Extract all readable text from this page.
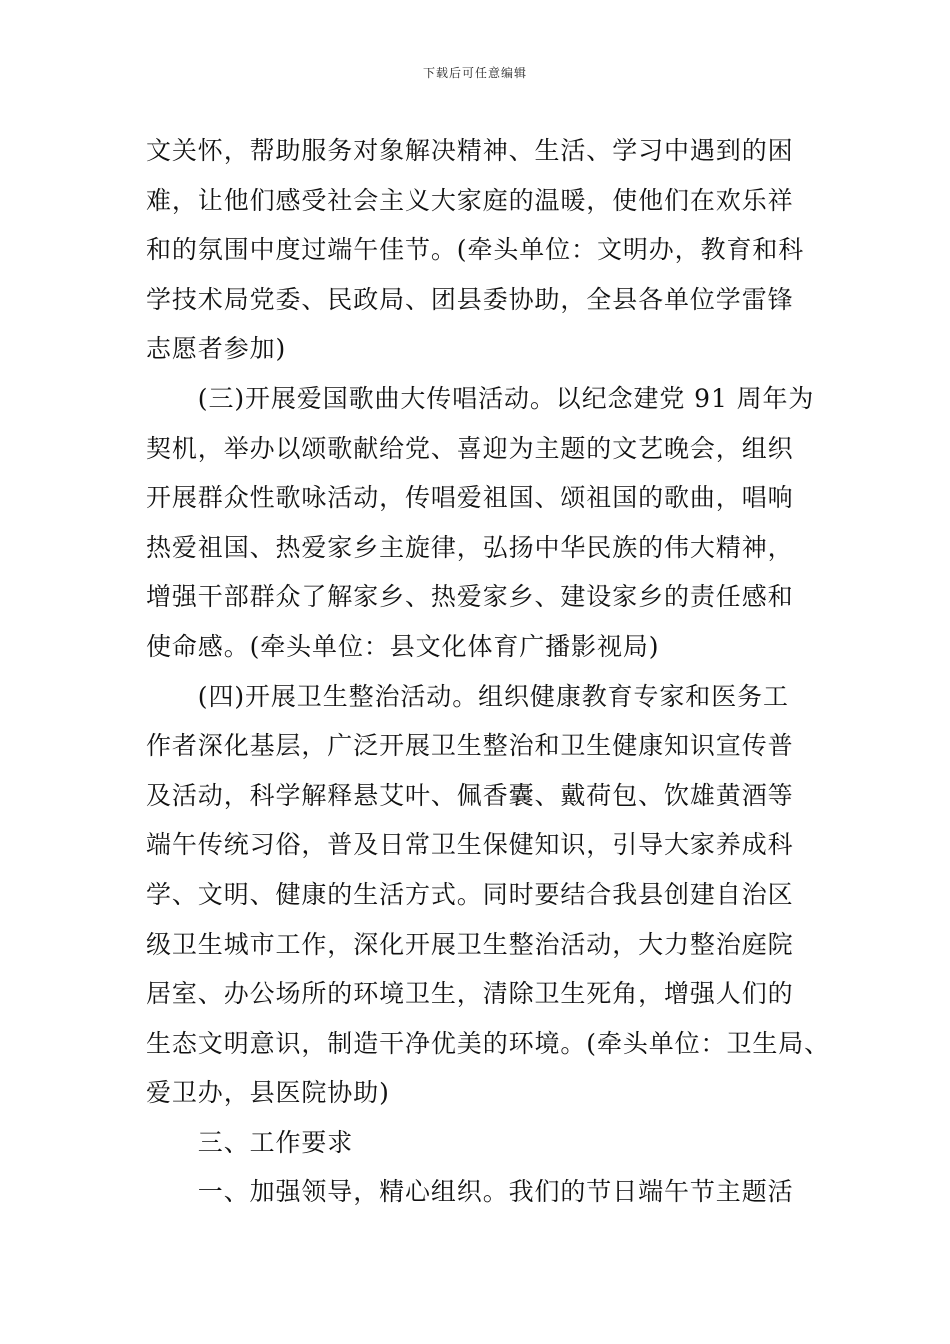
下载后可任意编辑
文关怀，帮助服务对象解决精神、生活、学习中遇到的困
难，让他们感受社会主义大家庭的温暖，使他们在欢乐祥
和的氛围中度过端午佳节。(牵头单位：文明办，教育和科
学技术局党委、民政局、团县委协助，全县各单位学雷锋
志愿者参加)
　　(三)开展爱国歌曲大传唱活动。以纪念建党 91 周年为
契机，举办以颂歌献给党、喜迎为主题的文艺晚会，组织
开展群众性歌咏活动，传唱爱祖国、颂祖国的歌曲，唱响
热爱祖国、热爱家乡主旋律，弘扬中华民族的伟大精神，
增强干部群众了解家乡、热爱家乡、建设家乡的责任感和
使命感。(牵头单位：县文化体育广播影视局)
　　(四)开展卫生整治活动。组织健康教育专家和医务工
作者深化基层，广泛开展卫生整治和卫生健康知识宣传普
及活动，科学解释悬艾叶、佩香囊、戴荷包、饮雄黄酒等
端午传统习俗，普及日常卫生保健知识，引导大家养成科
学、文明、健康的生活方式。同时要结合我县创建自治区
级卫生城市工作，深化开展卫生整治活动，大力整治庭院
居室、办公场所的环境卫生，清除卫生死角，增强人们的
生态文明意识，制造干净优美的环境。(牵头单位：卫生局、
爱卫办，县医院协助)
　　三、工作要求
　　一、加强领导，精心组织。我们的节日端午节主题活
